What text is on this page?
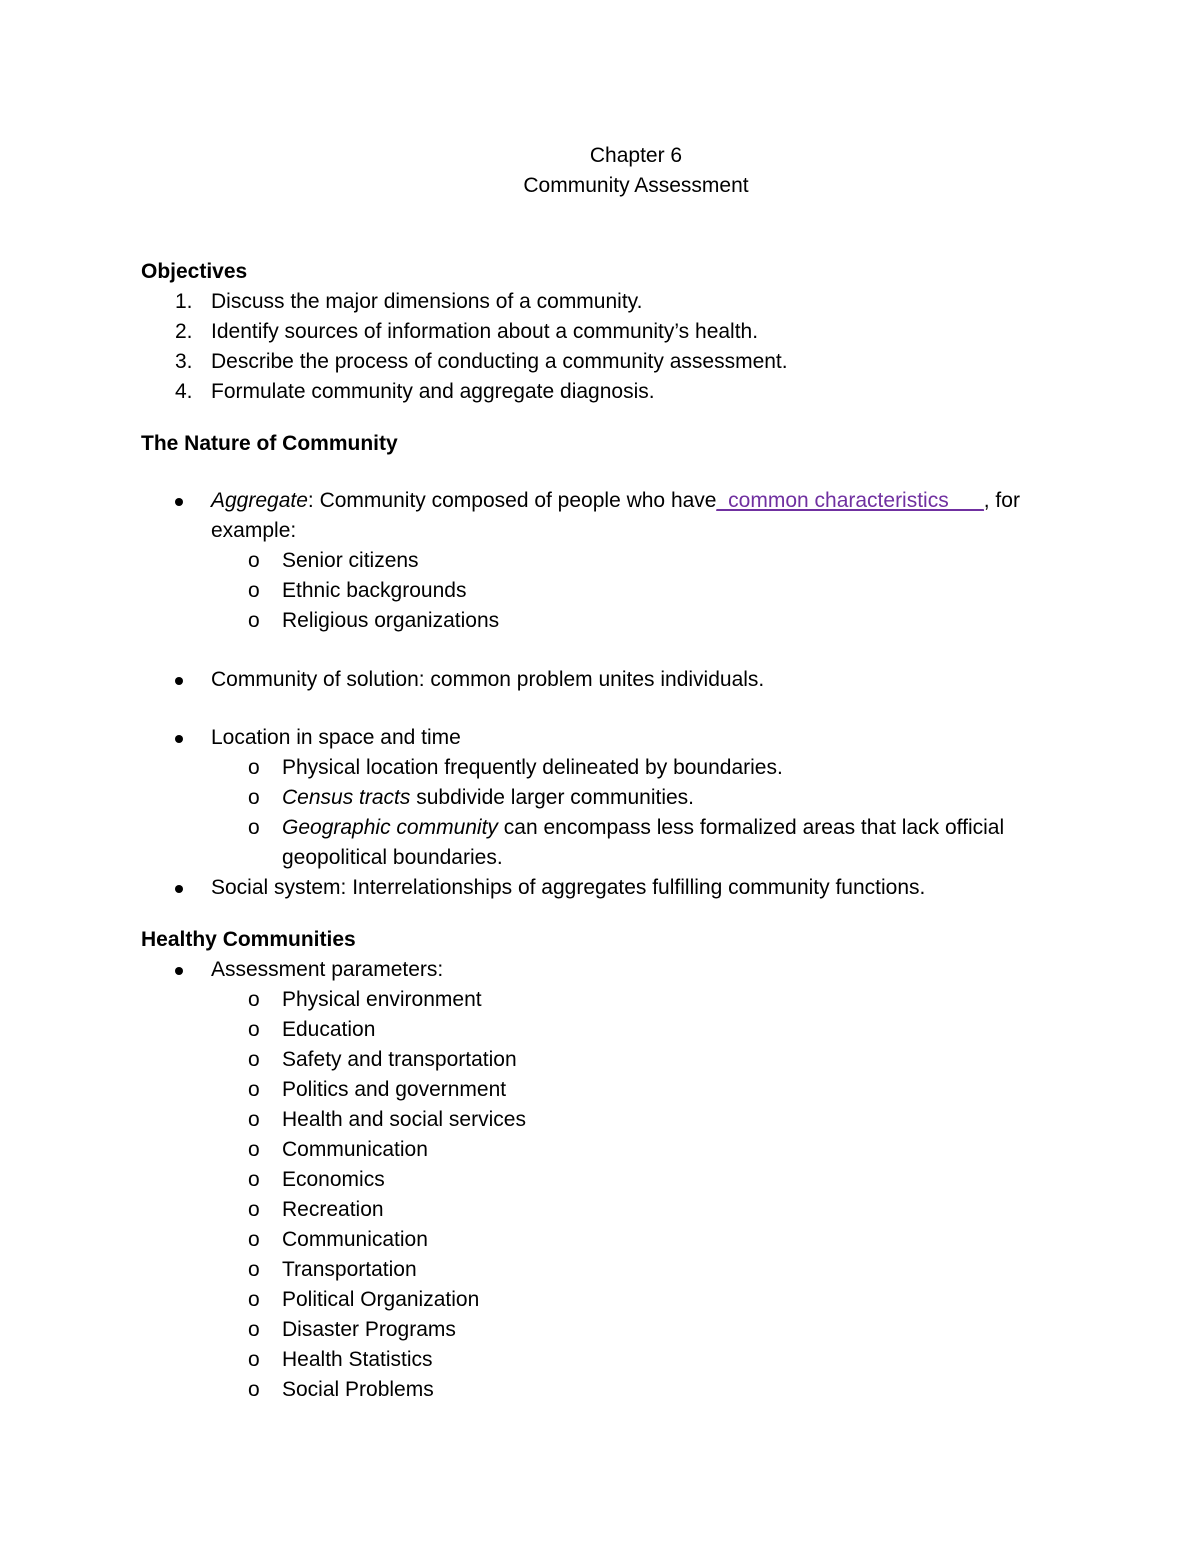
Chapter 6
Community Assessment
Objectives
1. Discuss the major dimensions of a community.
2. Identify sources of information about a community’s health.
3. Describe the process of conducting a community assessment.
4. Formulate community and aggregate diagnosis.
The Nature of Community
Aggregate: Community composed of people who have_common characteristics___, for example:
o Senior citizens
o Ethnic backgrounds
o Religious organizations
Community of solution: common problem unites individuals.
Location in space and time
o Physical location frequently delineated by boundaries.
o Census tracts subdivide larger communities.
o Geographic community can encompass less formalized areas that lack official geopolitical boundaries.
Social system: Interrelationships of aggregates fulfilling community functions.
Healthy Communities
Assessment parameters:
o Physical environment
o Education
o Safety and transportation
o Politics and government
o Health and social services
o Communication
o Economics
o Recreation
o Communication
o Transportation
o Political Organization
o Disaster Programs
o Health Statistics
o Social Problems
